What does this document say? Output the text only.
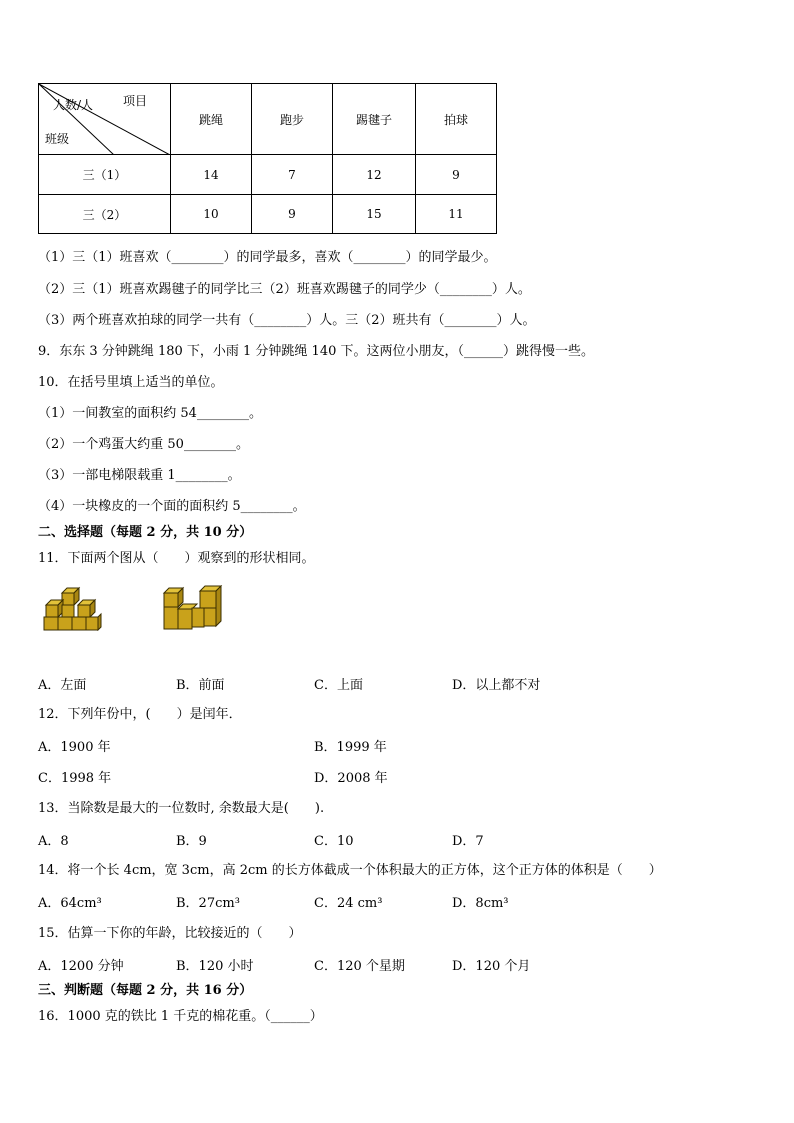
项目
人数/人
班级	跳绳	跑步	踢毽子	拍球
三（1）	14	7	12	9
三（2）	10	9	15	11
（1）三（1）班喜欢（________）的同学最多，喜欢（________）的同学最少。
（2）三（1）班喜欢踢毽子的同学比三（2）班喜欢踢毽子的同学少（________）人。
（3）两个班喜欢拍球的同学一共有（________）人。三（2）班共有（________）人。
9．东东 3 分钟跳绳 180 下，小雨 1 分钟跳绳 140 下。这两位小朋友，（______）跳得慢一些。
10．在括号里填上适当的单位。
（1）一间教室的面积约 54________。
（2）一个鸡蛋大约重 50________。
（3）一部电梯限载重 1________。
（4）一块橡皮的一个面的面积约 5________。
二、选择题（每题 2 分，共 10 分）
11．下面两个图从（　　）观察到的形状相同。
A．左面	B．前面	C．上面	D．以上都不对
12．下列年份中，(　　）是闰年．
A．1900 年	B．1999 年
C．1998 年	D．2008 年
13．当除数是最大的一位数时, 余数最大是(　　).
A．8	B．9	C．10	D．7
14．将一个长 4cm，宽 3cm，高 2cm 的长方体截成一个体积最大的正方体，这个正方体的体积是（　　）
A．64cm³	B．27cm³	C．24 cm³	D．8cm³
15．估算一下你的年龄，比较接近的（　　）
A．1200 分钟	B．120 小时	C．120 个星期	D．120 个月
三、判断题（每题 2 分，共 16 分）
16．1000 克的铁比 1 千克的棉花重。（______）
